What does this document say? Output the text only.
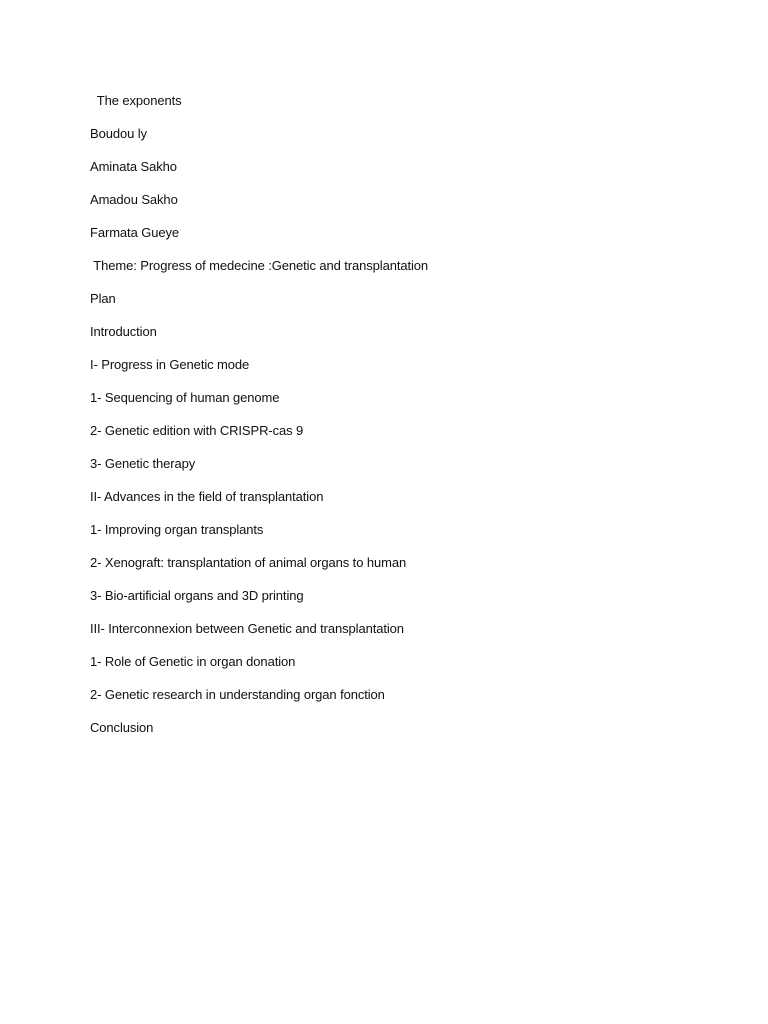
The exponents

Boudou ly

Aminata Sakho

Amadou Sakho

Farmata Gueye

Theme: Progress of medecine :Genetic and transplantation

Plan

Introduction

I- Progress in Genetic mode

1- Sequencing of human genome

2- Genetic edition with CRISPR-cas 9

3- Genetic therapy

II- Advances in the field of transplantation

1- Improving organ transplants

2- Xenograft: transplantation of animal organs to human

3- Bio-artificial organs and 3D printing

III- Interconnexion between Genetic and transplantation

1- Role of Genetic in organ donation

2- Genetic research in understanding organ fonction

Conclusion
